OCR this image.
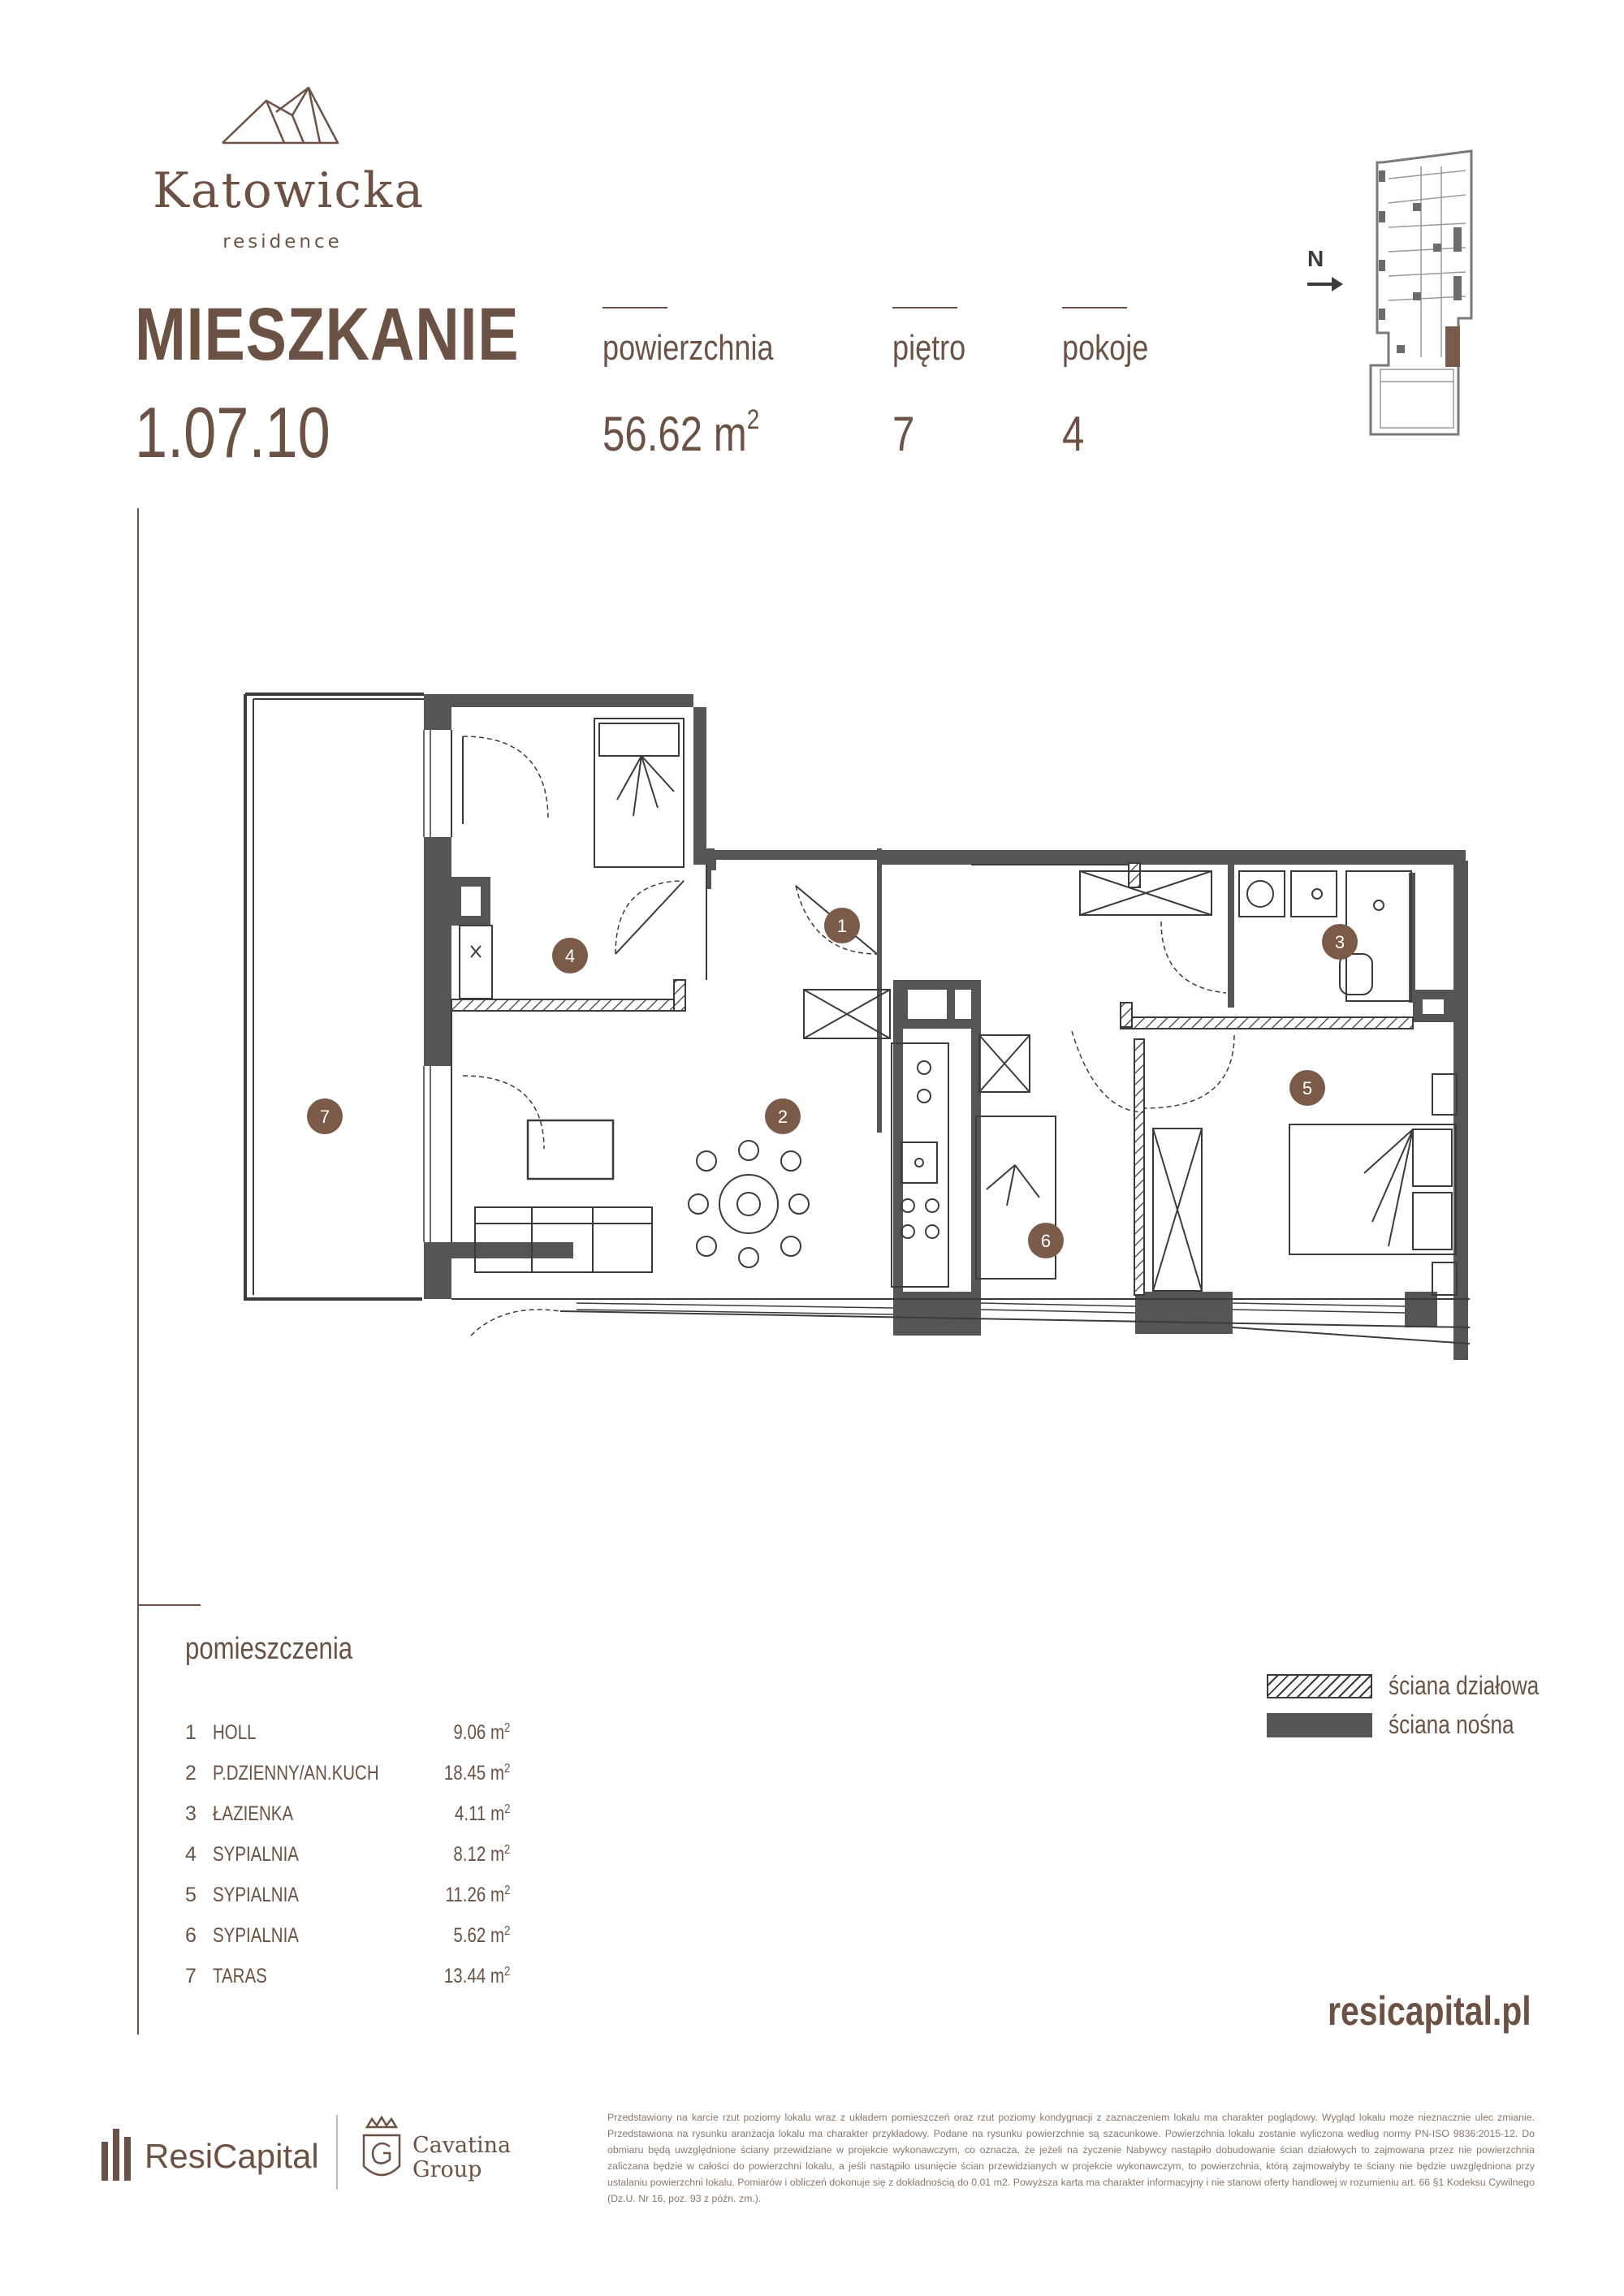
Katowicka
residence
MIESZKANIE
1.07.10
powierzchnia
56.62 $m^2$
piętro
7
pokoje
4
N
1
2
3
4
5
6
7
pomieszczenia
1 HOLL	9.06 $m^2$
2 P.DZIENNY/AN.KUCH	18.45 $m^2$
3 ŁAZIENKA	4.11 $m^2$
4 SYPIALNIA	8.12 $m^2$
5 SYPIALNIA	11.26 $m^2$
6 SYPIALNIA	5.62 $m^2$
7 TARAS	13.44 $m^2$
ściana działowa
ściana nośna
resicapital.pl
ResiCapital	Cavatina
Group
Przedstawiony na karcie rzut poziomy lokalu wraz z układem pomieszczeń oraz rzut poziomy kondygnacji z zaznaczeniem lokalu ma charakter poglądowy. Wygląd lokalu może nieznacznie ulec zmianie. Przedstawiona na rysunku aranżacja lokalu ma charakter przykładowy. Podane na rysunku powierzchnie są szacunkowe. Powierzchnia lokalu zostanie wyliczona według normy PN-ISO 9836:2015-12. Do obmiaru będą uwzględnione ściany przewidziane w projekcie wykonawczym, co oznacza, że jeżeli na życzenie Nabywcy nastąpiło dobudowanie ścian działowych to zajmowana przez nie powierzchnia zaliczana będzie w całości do powierzchni lokalu, a jeśli nastąpiło usunięcie ścian przewidzianych w projekcie wykonawczym, to powierzchnia, którą zajmowałyby te ściany nie będzie uwzględniona przy ustalaniu powierzchni lokalu. Pomiarów i obliczeń dokonuje się z dokładnością do 0,01 m2. Powyższa karta ma charakter informacyjny i nie stanowi oferty handlowej w rozumieniu art. 66 §1 Kodeksu Cywilnego (Dz.U. Nr 16, poz. 93 z późn. zm.).
